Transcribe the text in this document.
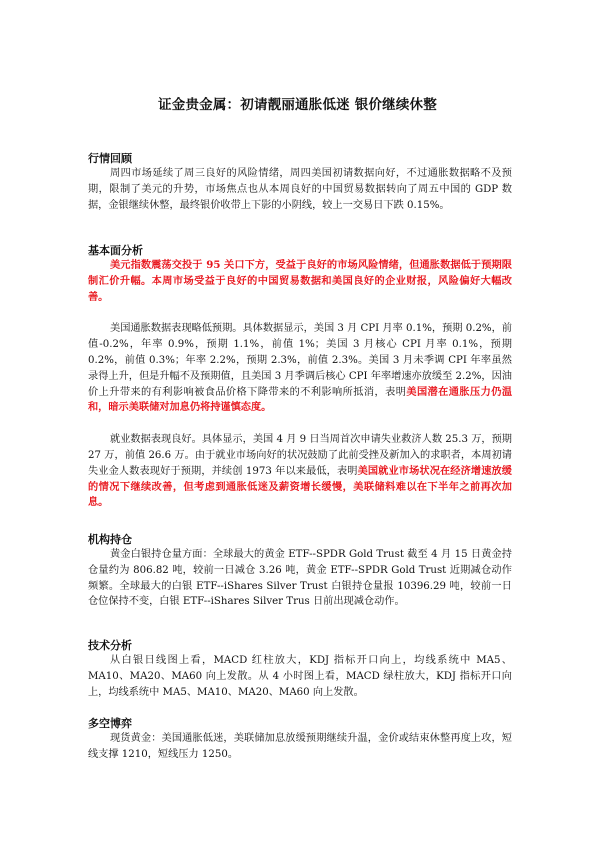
证金贵金属：初请靓丽通胀低迷 银价继续休整

行情回顾

周四市场延续了周三良好的风险情绪，周四美国初请数据向好，不过通胀数据略不及预期，限制了美元的升势，市场焦点也从本周良好的中国贸易数据转向了周五中国的 GDP 数据，金银继续休整，最终银价收带上下影的小阴线，较上一交易日下跌 0.15%。

基本面分析

美元指数震荡交投于 95 关口下方，受益于良好的市场风险情绪，但通胀数据低于预期限制汇价升幅。本周市场受益于良好的中国贸易数据和美国良好的企业财报，风险偏好大幅改善。

美国通胀数据表现略低预期。具体数据显示，美国 3 月 CPI 月率 0.1%，预期 0.2%，前值-0.2%，年率 0.9%，预期 1.1%，前值 1%；美国 3 月核心 CPI 月率 0.1%，预期 0.2%，前值 0.3%；年率 2.2%，预期 2.3%，前值 2.3%。美国 3 月未季调 CPI 年率虽然录得上升，但是升幅不及预期值，且美国 3 月季调后核心 CPI 年率增速亦放缓至 2.2%，因油价上升带来的有利影响被食品价格下降带来的不利影响所抵消，表明美国潜在通胀压力仍温和，暗示美联储对加息仍将持谨慎态度。

就业数据表现良好。具体显示，美国 4 月 9 日当周首次申请失业救济人数 25.3 万，预期 27 万，前值 26.6 万。由于就业市场向好的状况鼓励了此前受挫及新加入的求职者，本周初请失业金人数表现好于预期，并续创 1973 年以来最低，表明美国就业市场状况在经济增速放缓的情况下继续改善，但考虑到通胀低迷及薪资增长缓慢，美联储料难以在下半年之前再次加息。

机构持仓

黄金白银持仓量方面：全球最大的黄金 ETF--SPDR Gold Trust 截至 4 月 15 日黄金持仓量约为 806.82 吨，较前一日减仓 3.26 吨，黄金 ETF--SPDR Gold Trust 近期减仓动作频繁。全球最大的白银 ETF--iShares Silver Trust 白银持仓量报 10396.29 吨，较前一日仓位保持不变，白银 ETF--iShares Silver Trus 日前出现减仓动作。

技术分析

从白银日线图上看，MACD 红柱放大，KDJ 指标开口向上，均线系统中 MA5、MA10、MA20、MA60 向上发散。从 4 小时图上看，MACD 绿柱放大，KDJ 指标开口向上，均线系统中 MA5、MA10、MA20、MA60 向上发散。

多空博弈

现货黄金：美国通胀低迷，美联储加息放缓预期继续升温，金价或结束休整再度上攻，短线支撑 1210，短线压力 1250。
